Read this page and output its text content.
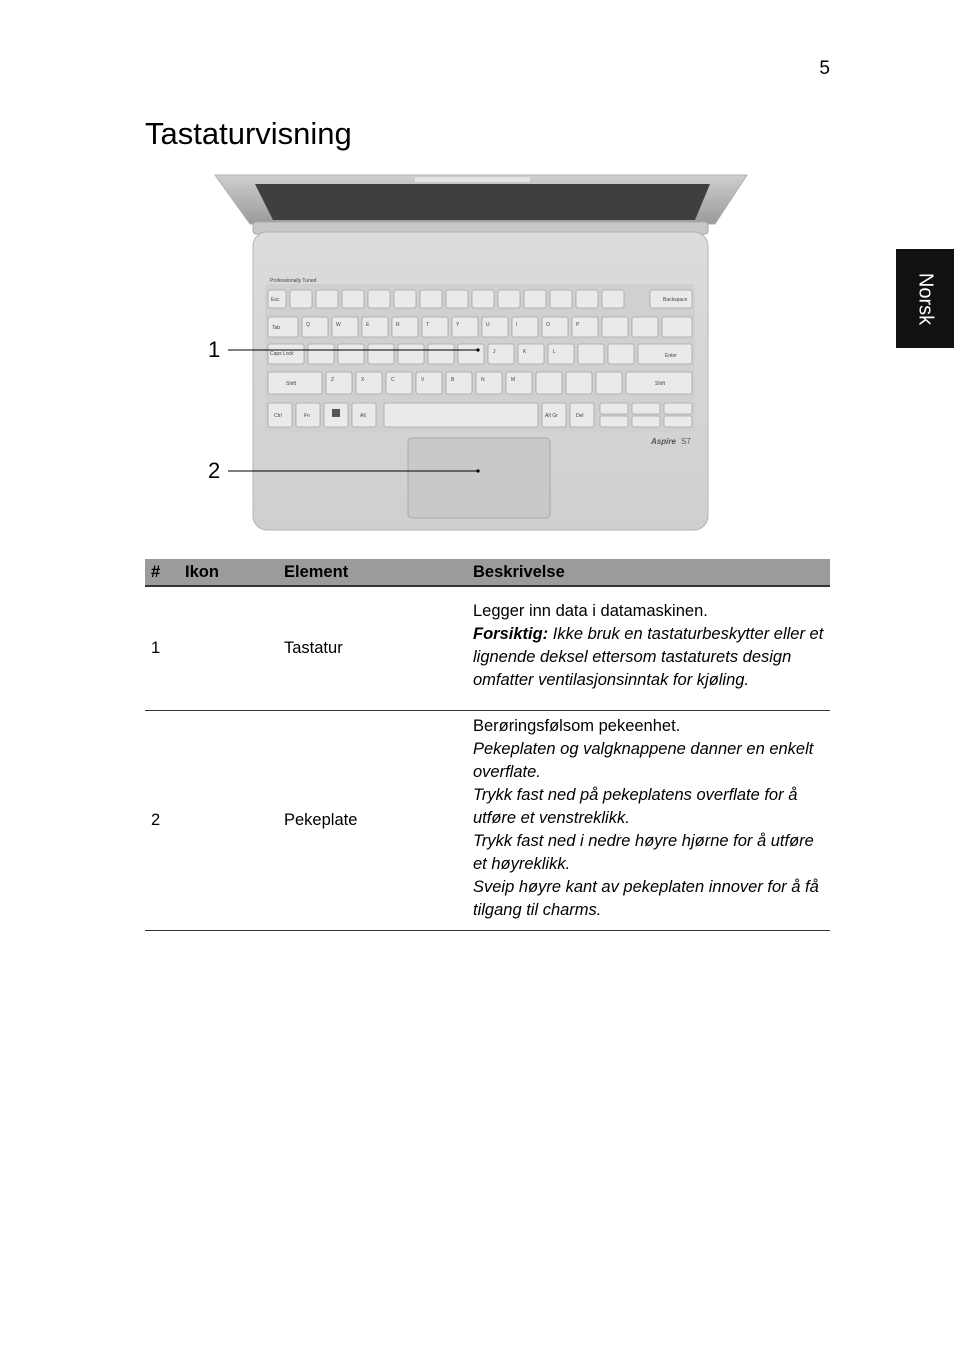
5
Tastaturvisning
Norsk
Professionally Tuned
Esc	Backspace
Tab	Q	W	E	R	T	Y	U	I	O	P
Caps Lock	J	K	L
Enter
Shift
Z	X	C	V	B	N	M
Shift
Ctrl	Fn	Alt	Alt Gr	Del
Aspire S7
1
2
#	Ikon	Element	Beskrivelse
1		Tastatur	Legger inn data i datamaskinen.

Forsiktig: Ikke bruk en tastaturbeskytter eller et lignende deksel ettersom tastaturets design omfatter ventilasjonsinntak for kjøling.

2		Pekeplate	Berøringsfølsom pekeenhet.

Pekeplaten og valgknappene danner en enkelt overflate.

Trykk fast ned på pekeplatens overflate for å utføre et venstreklikk.

Trykk fast ned i nedre høyre hjørne for å utføre et høyreklikk.

Sveip høyre kant av pekeplaten innover for å få tilgang til charms.
